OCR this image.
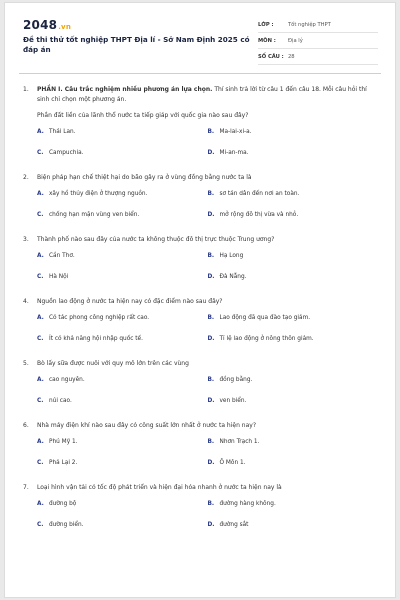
2048.vn
Đề thi thử tốt nghiệp THPT Địa lí - Sở Nam Định 2025 có đáp án
LỚP :	Tốt nghiệp THPT
MÔN :	Địa lý
SỐ CÂU : 28
1.	PHẦN I. Câu trắc nghiệm nhiều phương án lựa chọn. Thí sinh trả lời từ câu 1 đến câu 18. Mỗi câu hỏi thí sinh chỉ chọn một phương án.
Phần đất liền của lãnh thổ nước ta tiếp giáp với quốc gia nào sau đây?
A. Thái Lan.	B. Ma-lai-xi-a.
C. Campuchia.	D. Mi-an-ma.
2.	Biện pháp hạn chế thiệt hại do bão gây ra ở vùng đồng bằng nước ta là
A. xây hồ thủy điện ở thượng nguồn.	B. sơ tán dân đến nơi an toàn.
C. chống hạn mặn vùng ven biển.	D. mở rộng đô thị vừa và nhỏ.
3.	Thành phố nào sau đây của nước ta không thuộc đô thị trực thuộc Trung ương?
A. Cần Thơ.	B. Hạ Long
C. Hà Nội	D. Đà Nẵng.
4.	Nguồn lao động ở nước ta hiện nay có đặc điểm nào sau đây?
A. Có tác phong công nghiệp rất cao.	B. Lao động đã qua đào tạo giảm.
C. Ít có khả năng hội nhập quốc tế.	D. Tỉ lệ lao động ở nông thôn giảm.
5.	Bò lấy sữa được nuôi với quy mô lớn trên các vùng
A. cao nguyên.	B. đồng bằng.
C. núi cao.	D. ven biển.
6.	Nhà máy điện khí nào sau đây có công suất lớn nhất ở nước ta hiện nay?
A. Phú Mỹ 1.	B. Nhơn Trạch 1.
C. Phả Lại 2.	D. Ô Môn 1.
7.	Loại hình vận tải có tốc độ phát triển và hiện đại hóa nhanh ở nước ta hiện nay là
A. đường bộ	B. đường hàng không.
C. đường biển.	D. đường sắt
